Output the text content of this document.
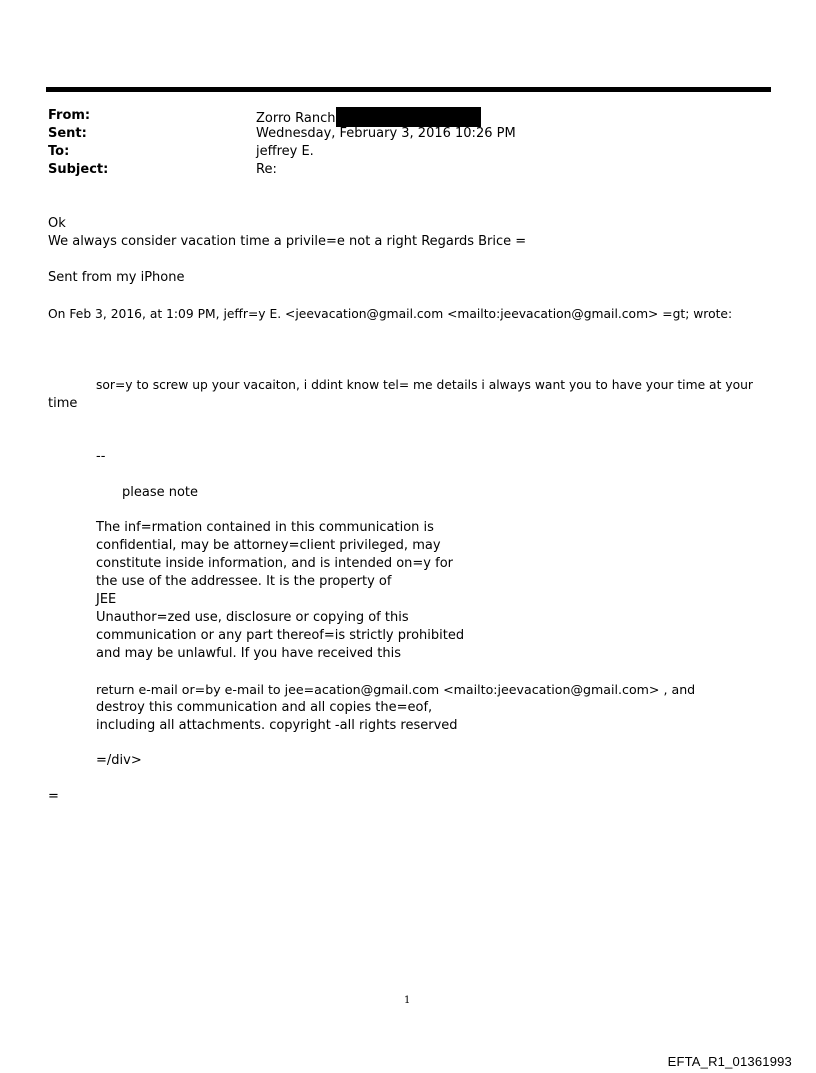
From:	Zorro Ranch
Sent:	Wednesday, February 3, 2016 10:26 PM
To:	jeffrey E.
Subject:	Re:
Ok
We always consider vacation time a privile=e not a right Regards Brice =
Sent from my iPhone
On Feb 3, 2016, at 1:09 PM, jeffr=y E. <jeevacation@gmail.com <mailto:jeevacation@gmail.com> =gt; wrote:
sor=y to screw up your vacaiton, i ddint know tel= me details i always want you to have your time at your
time
--
please note
The inf=rmation contained in this communication is
confidential, may be attorney=client privileged, may
constitute inside information, and is intended on=y for
the use of the addressee. It is the property of
JEE
Unauthor=zed use, disclosure or copying of this
communication or any part thereof=is strictly prohibited
and may be unlawful. If you have received this
return e-mail or=by e-mail to jee=acation@gmail.com <mailto:jeevacation@gmail.com> , and
destroy this communication and all copies the=eof,
including all attachments. copyright -all rights reserved
=/div>
=
1
EFTA_R1_01361993
